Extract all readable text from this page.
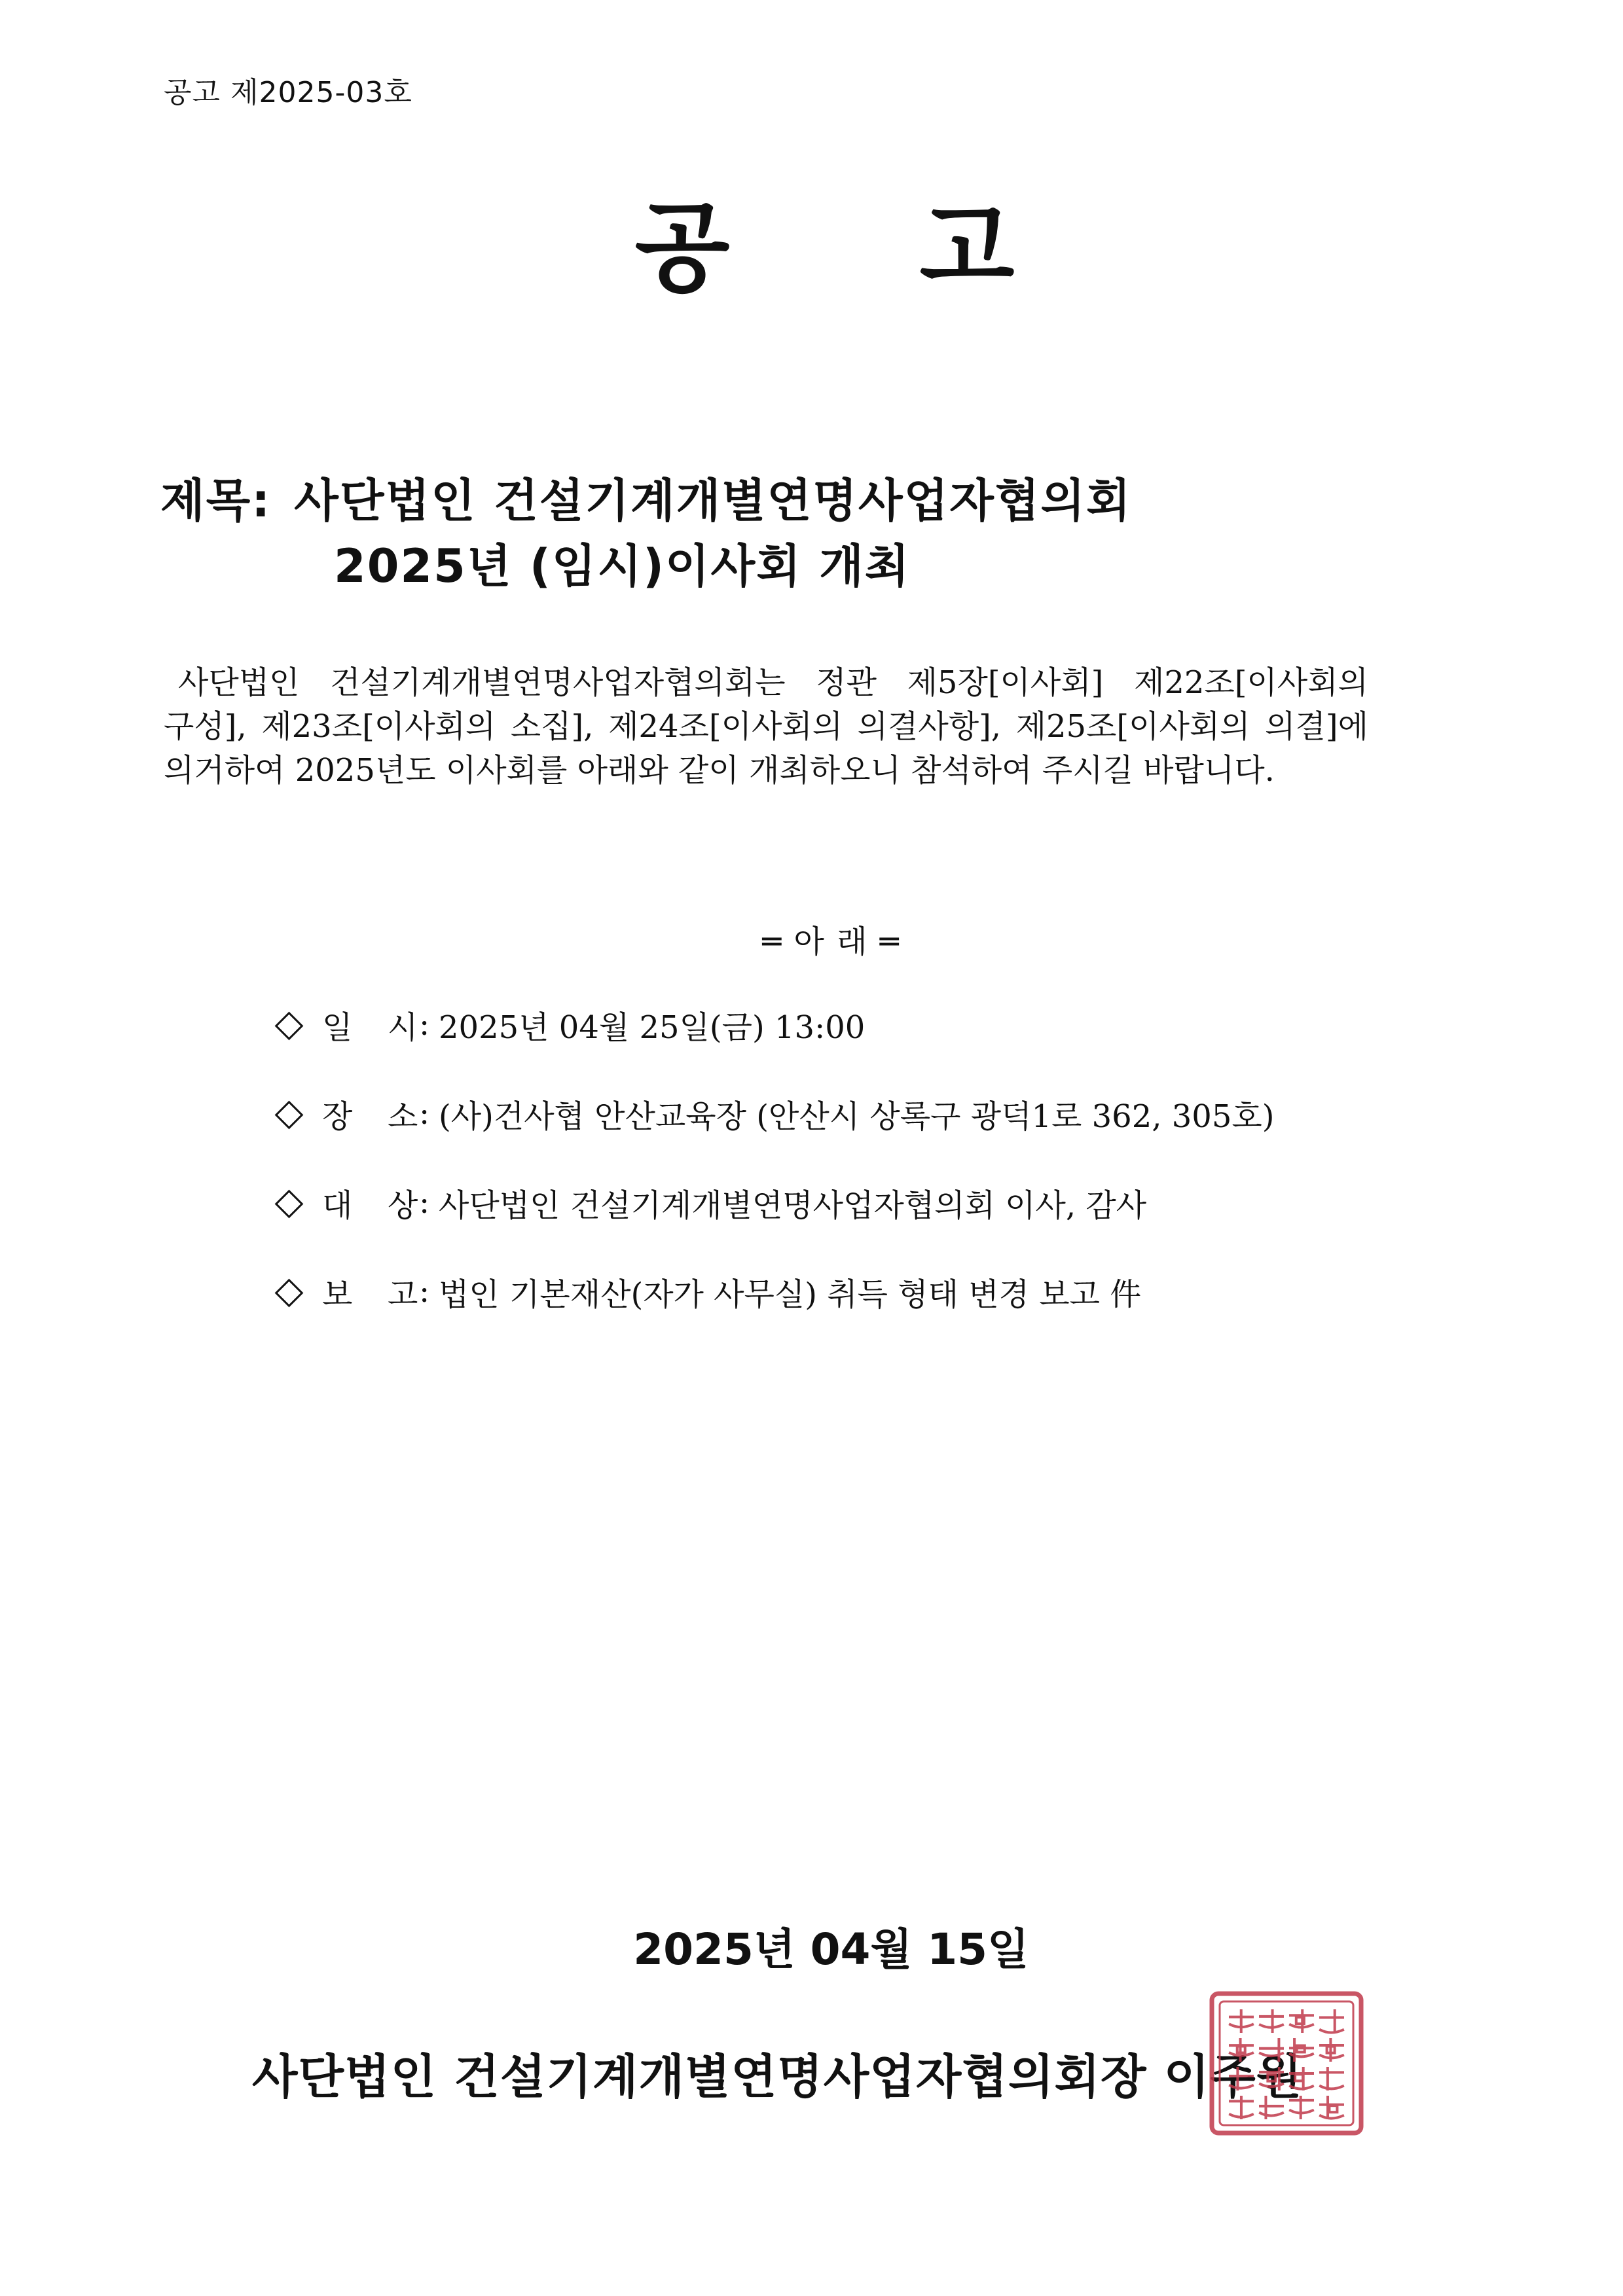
공고 제2025-03호
공 고
제목: 사단법인 건설기계개별연명사업자협의회
2025년 (임시)이사회 개최
사단법인 건설기계개별연명사업자협의회는 정관 제5장[이사회] 제22조[이사회의 구성], 제23조[이사회의 소집], 제24조[이사회의 의결사항], 제25조[이사회의 의결]에 의거하여 2025년도 이사회를 아래와 같이 개최하오니 참석하여 주시길 바랍니다.
═ 아 래 ═
일 시 : 2025년 04월 25일(금) 13:00
장 소 : (사)건사협 안산교육장 (안산시 상록구 광덕1로 362, 305호)
대 상 : 사단법인 건설기계개별연명사업자협의회 이사, 감사
보 고 : 법인 기본재산(자가 사무실) 취득 형태 변경 보고 件
2025년 04월 15일
사단법인 건설기계개별연명사업자협의회장 이주원
